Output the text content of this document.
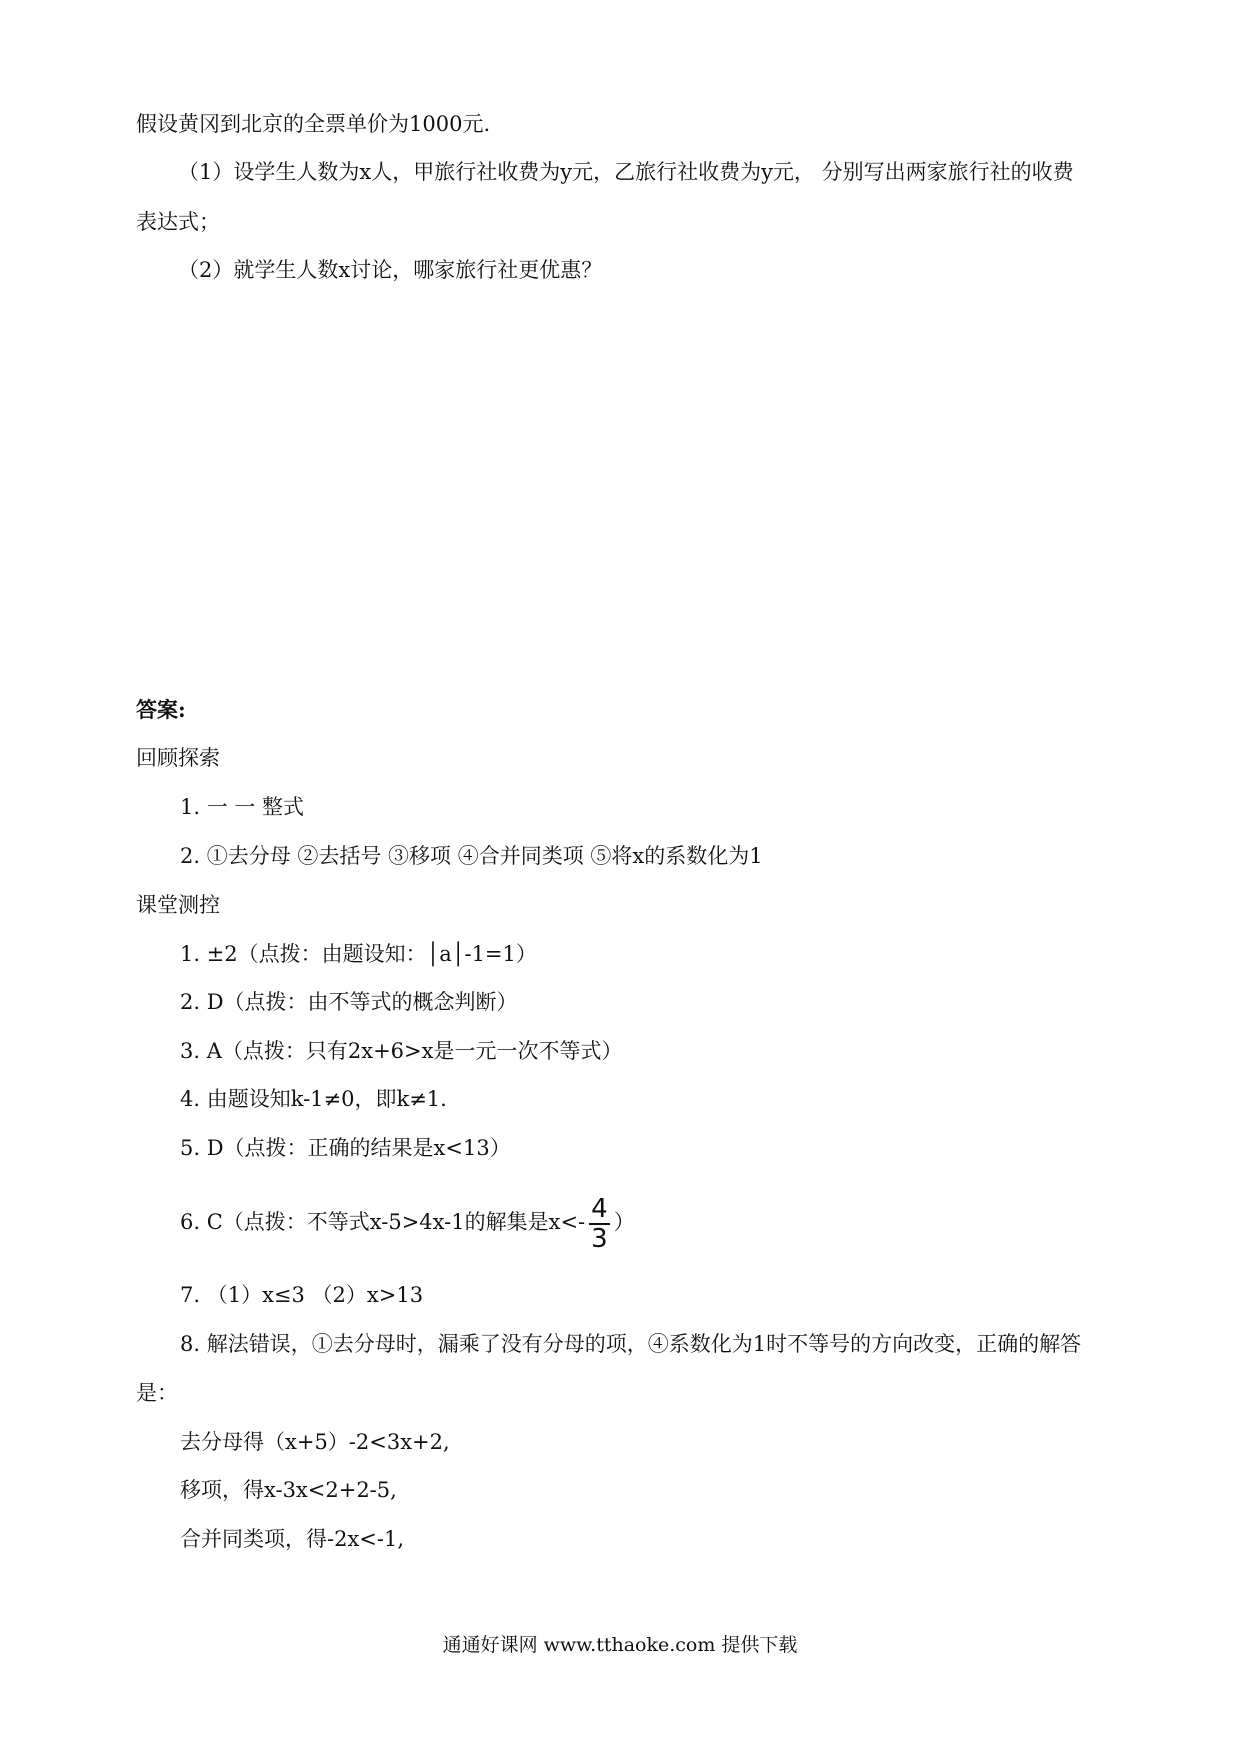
假设黄冈到北京的全票单价为1000元.
（1）设学生人数为x人，甲旅行社收费为y元，乙旅行社收费为y元， 分别写出两家旅行社的收费
表达式；
（2）就学生人数x讨论，哪家旅行社更优惠？
答案:
回顾探索
1. 一 一 整式
2. ①去分母 ②去括号 ③移项 ④合并同类项 ⑤将x的系数化为1
课堂测控
1. ±2（点拨：由题设知：│a│-1=1）
2. D（点拨：由不等式的概念判断）
3. A（点拨：只有2x+6>x是一元一次不等式）
4. 由题设知k-1≠0，即k≠1.
5. D（点拨：正确的结果是x<13）
6. C（点拨：不等式x-5>4x-1的解集是$x<- \frac{4}{3}$ ）
7. （1）x≤3 （2）x>13
8. 解法错误，①去分母时，漏乘了没有分母的项，④系数化为1时不等号的方向改变，正确的解答
是：
去分母得（x+5）-2<3x+2,
移项，得x-3x<2+2-5,
合并同类项，得-2x<-1,
通通好课网 www.tthaoke.com 提供下载
